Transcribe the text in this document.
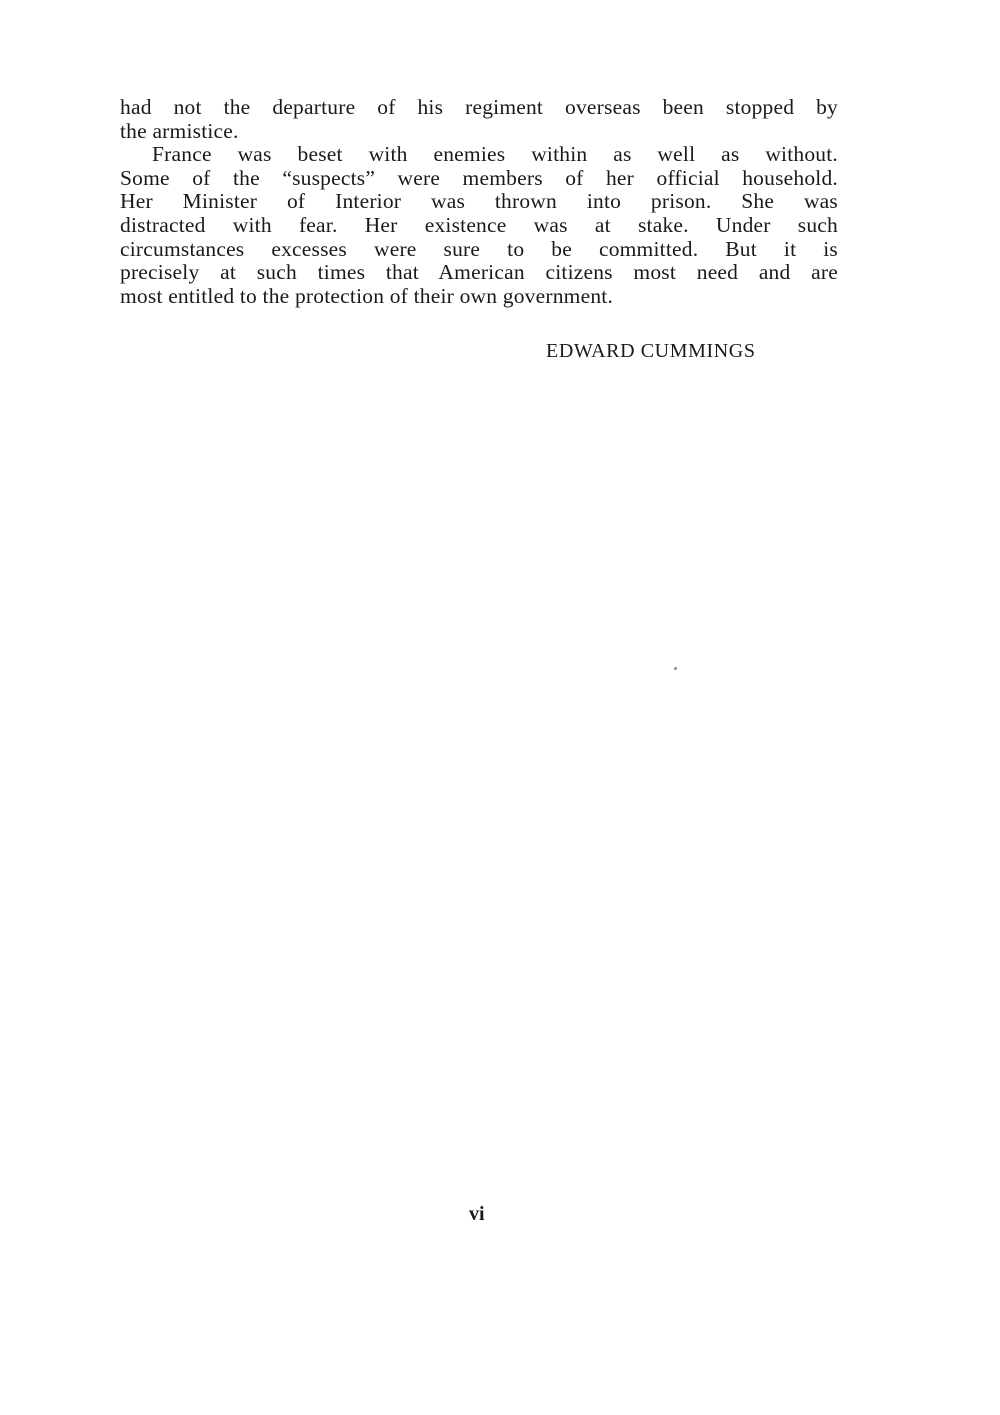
had not the departure of his regiment overseas been stopped by
the armistice.
France was beset with enemies within as well as without.
Some of the “suspects” were members of her official household.
Her Minister of Interior was thrown into prison. She was
distracted with fear. Her existence was at stake. Under such
circumstances excesses were sure to be committed. But it is
precisely at such times that American citizens most need and are
most entitled to the protection of their own government.
EDWARD CUMMINGS
vi
